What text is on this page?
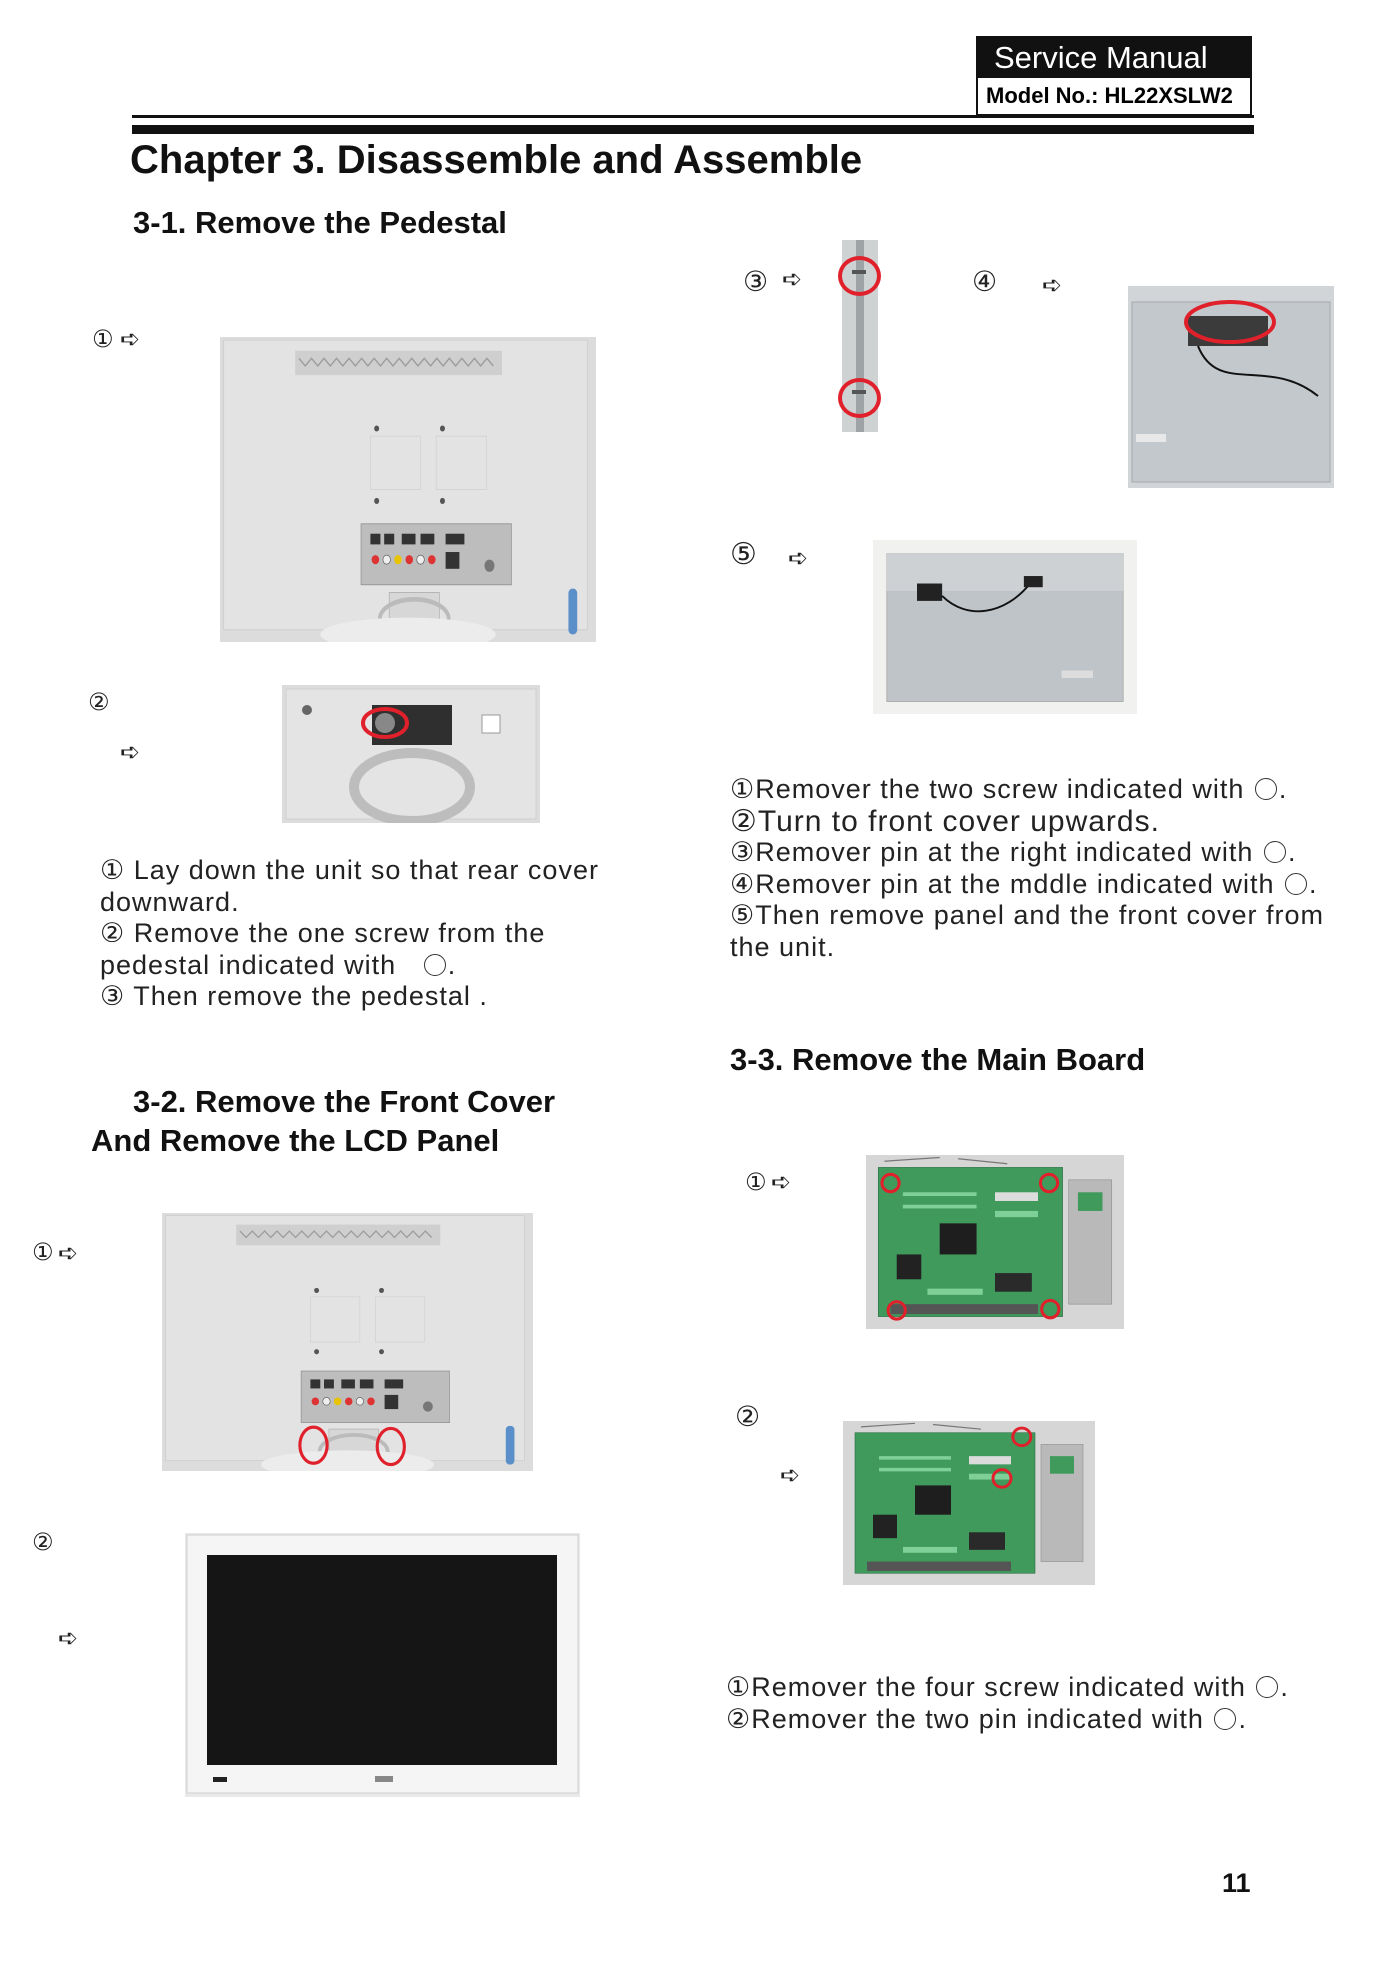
Service Manual
Model No.: HL22XSLW2
Chapter 3. Disassemble and Assemble
3-1. Remove the Pedestal
① ➪
②
➪
① Lay down the unit so that rear cover
downward.
② Remove the one screw from the
pedestal indicated with ○ .
③ Then remove the pedestal .
3-2. Remove the Front Cover
And Remove the LCD Panel
① ➪
②
➪
③ ➪	④ ➪
⑤ ➪
①Remover the two screw indicated with ○ .
②Turn to front cover upwards.
③Remover pin at the right indicated with ○ .
④Remover pin at the mddle indicated with ○ .
⑤Then remove panel and the front cover from
the unit.
3-3. Remove the Main Board
① ➪
②
➪
①Remover the four screw indicated with ○ .
②Remover the two pin indicated with ○ .
11
